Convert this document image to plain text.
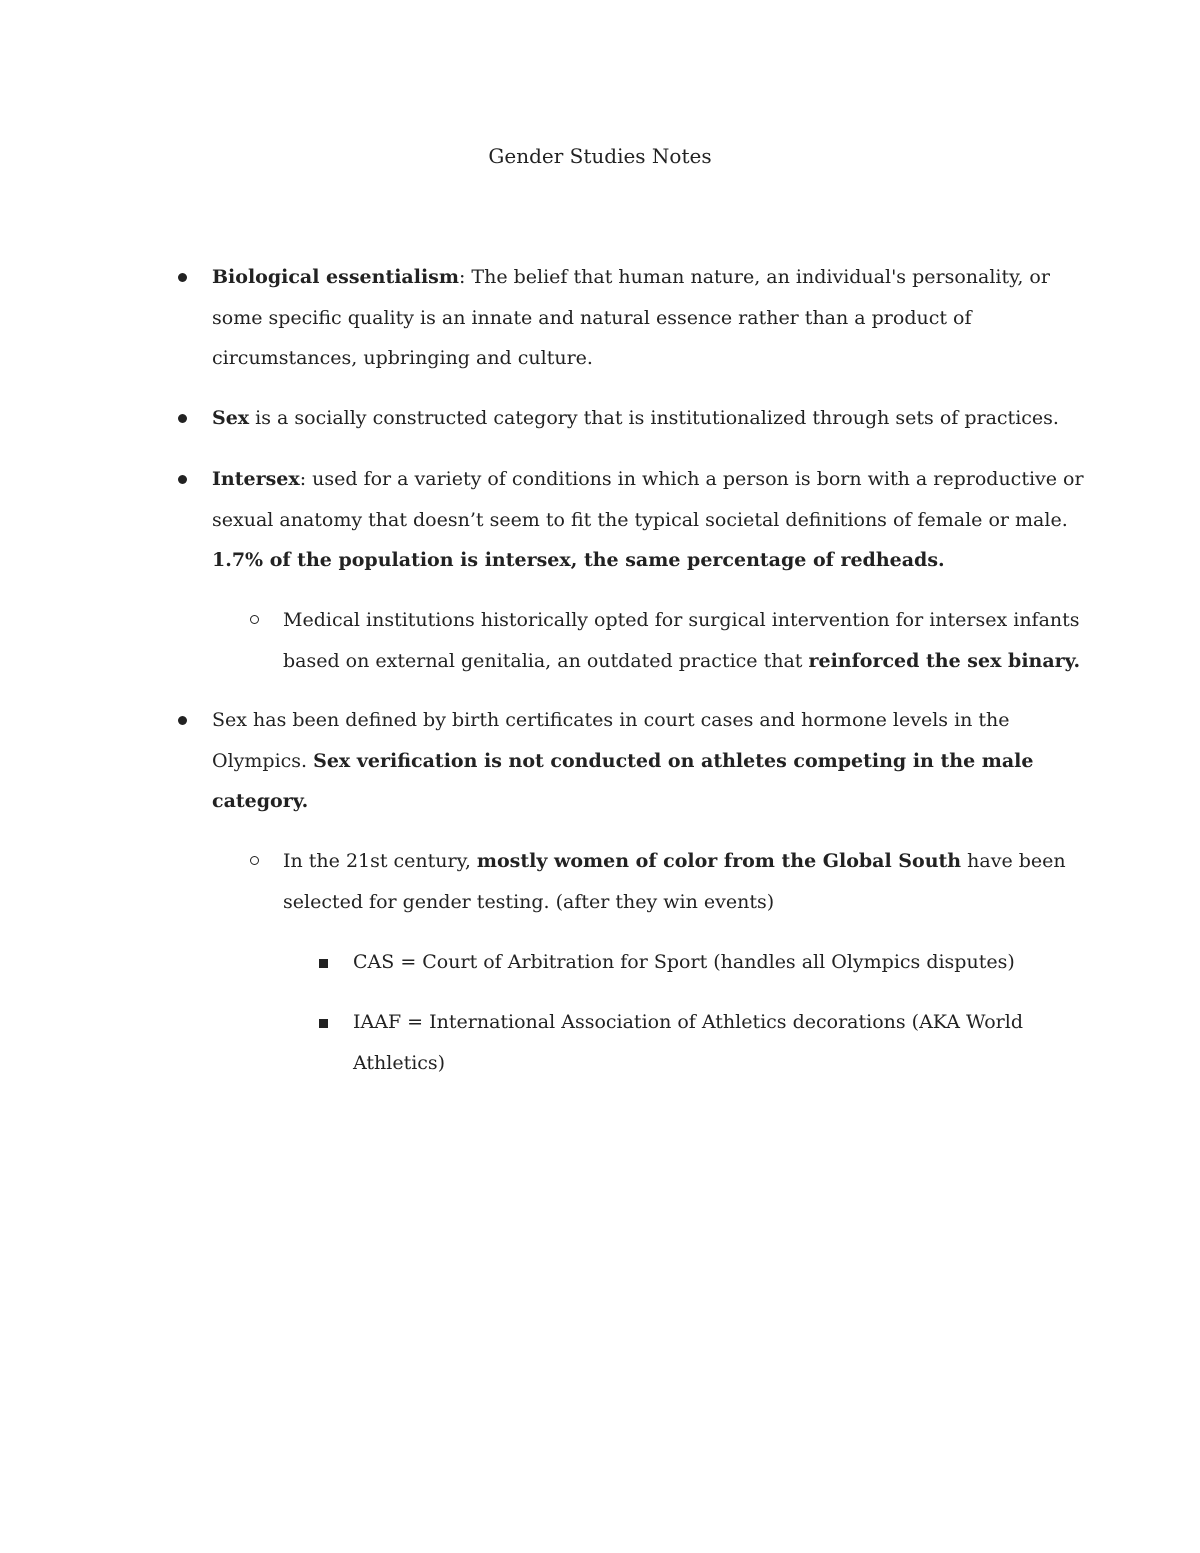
Gender Studies Notes

Biological essentialism: The belief that human nature, an individual's personality, or some specific quality is an innate and natural essence rather than a product of circumstances, upbringing and culture.

Sex is a socially constructed category that is institutionalized through sets of practices.

Intersex: used for a variety of conditions in which a person is born with a reproductive or sexual anatomy that doesn’t seem to fit the typical societal definitions of female or male. 1.7% of the population is intersex, the same percentage of redheads.

Medical institutions historically opted for surgical intervention for intersex infants based on external genitalia, an outdated practice that reinforced the sex binary.

Sex has been defined by birth certificates in court cases and hormone levels in the Olympics. Sex verification is not conducted on athletes competing in the male category.

In the 21st century, mostly women of color from the Global South have been selected for gender testing. (after they win events)

CAS = Court of Arbitration for Sport (handles all Olympics disputes)

IAAF = International Association of Athletics decorations (AKA World Athletics)
